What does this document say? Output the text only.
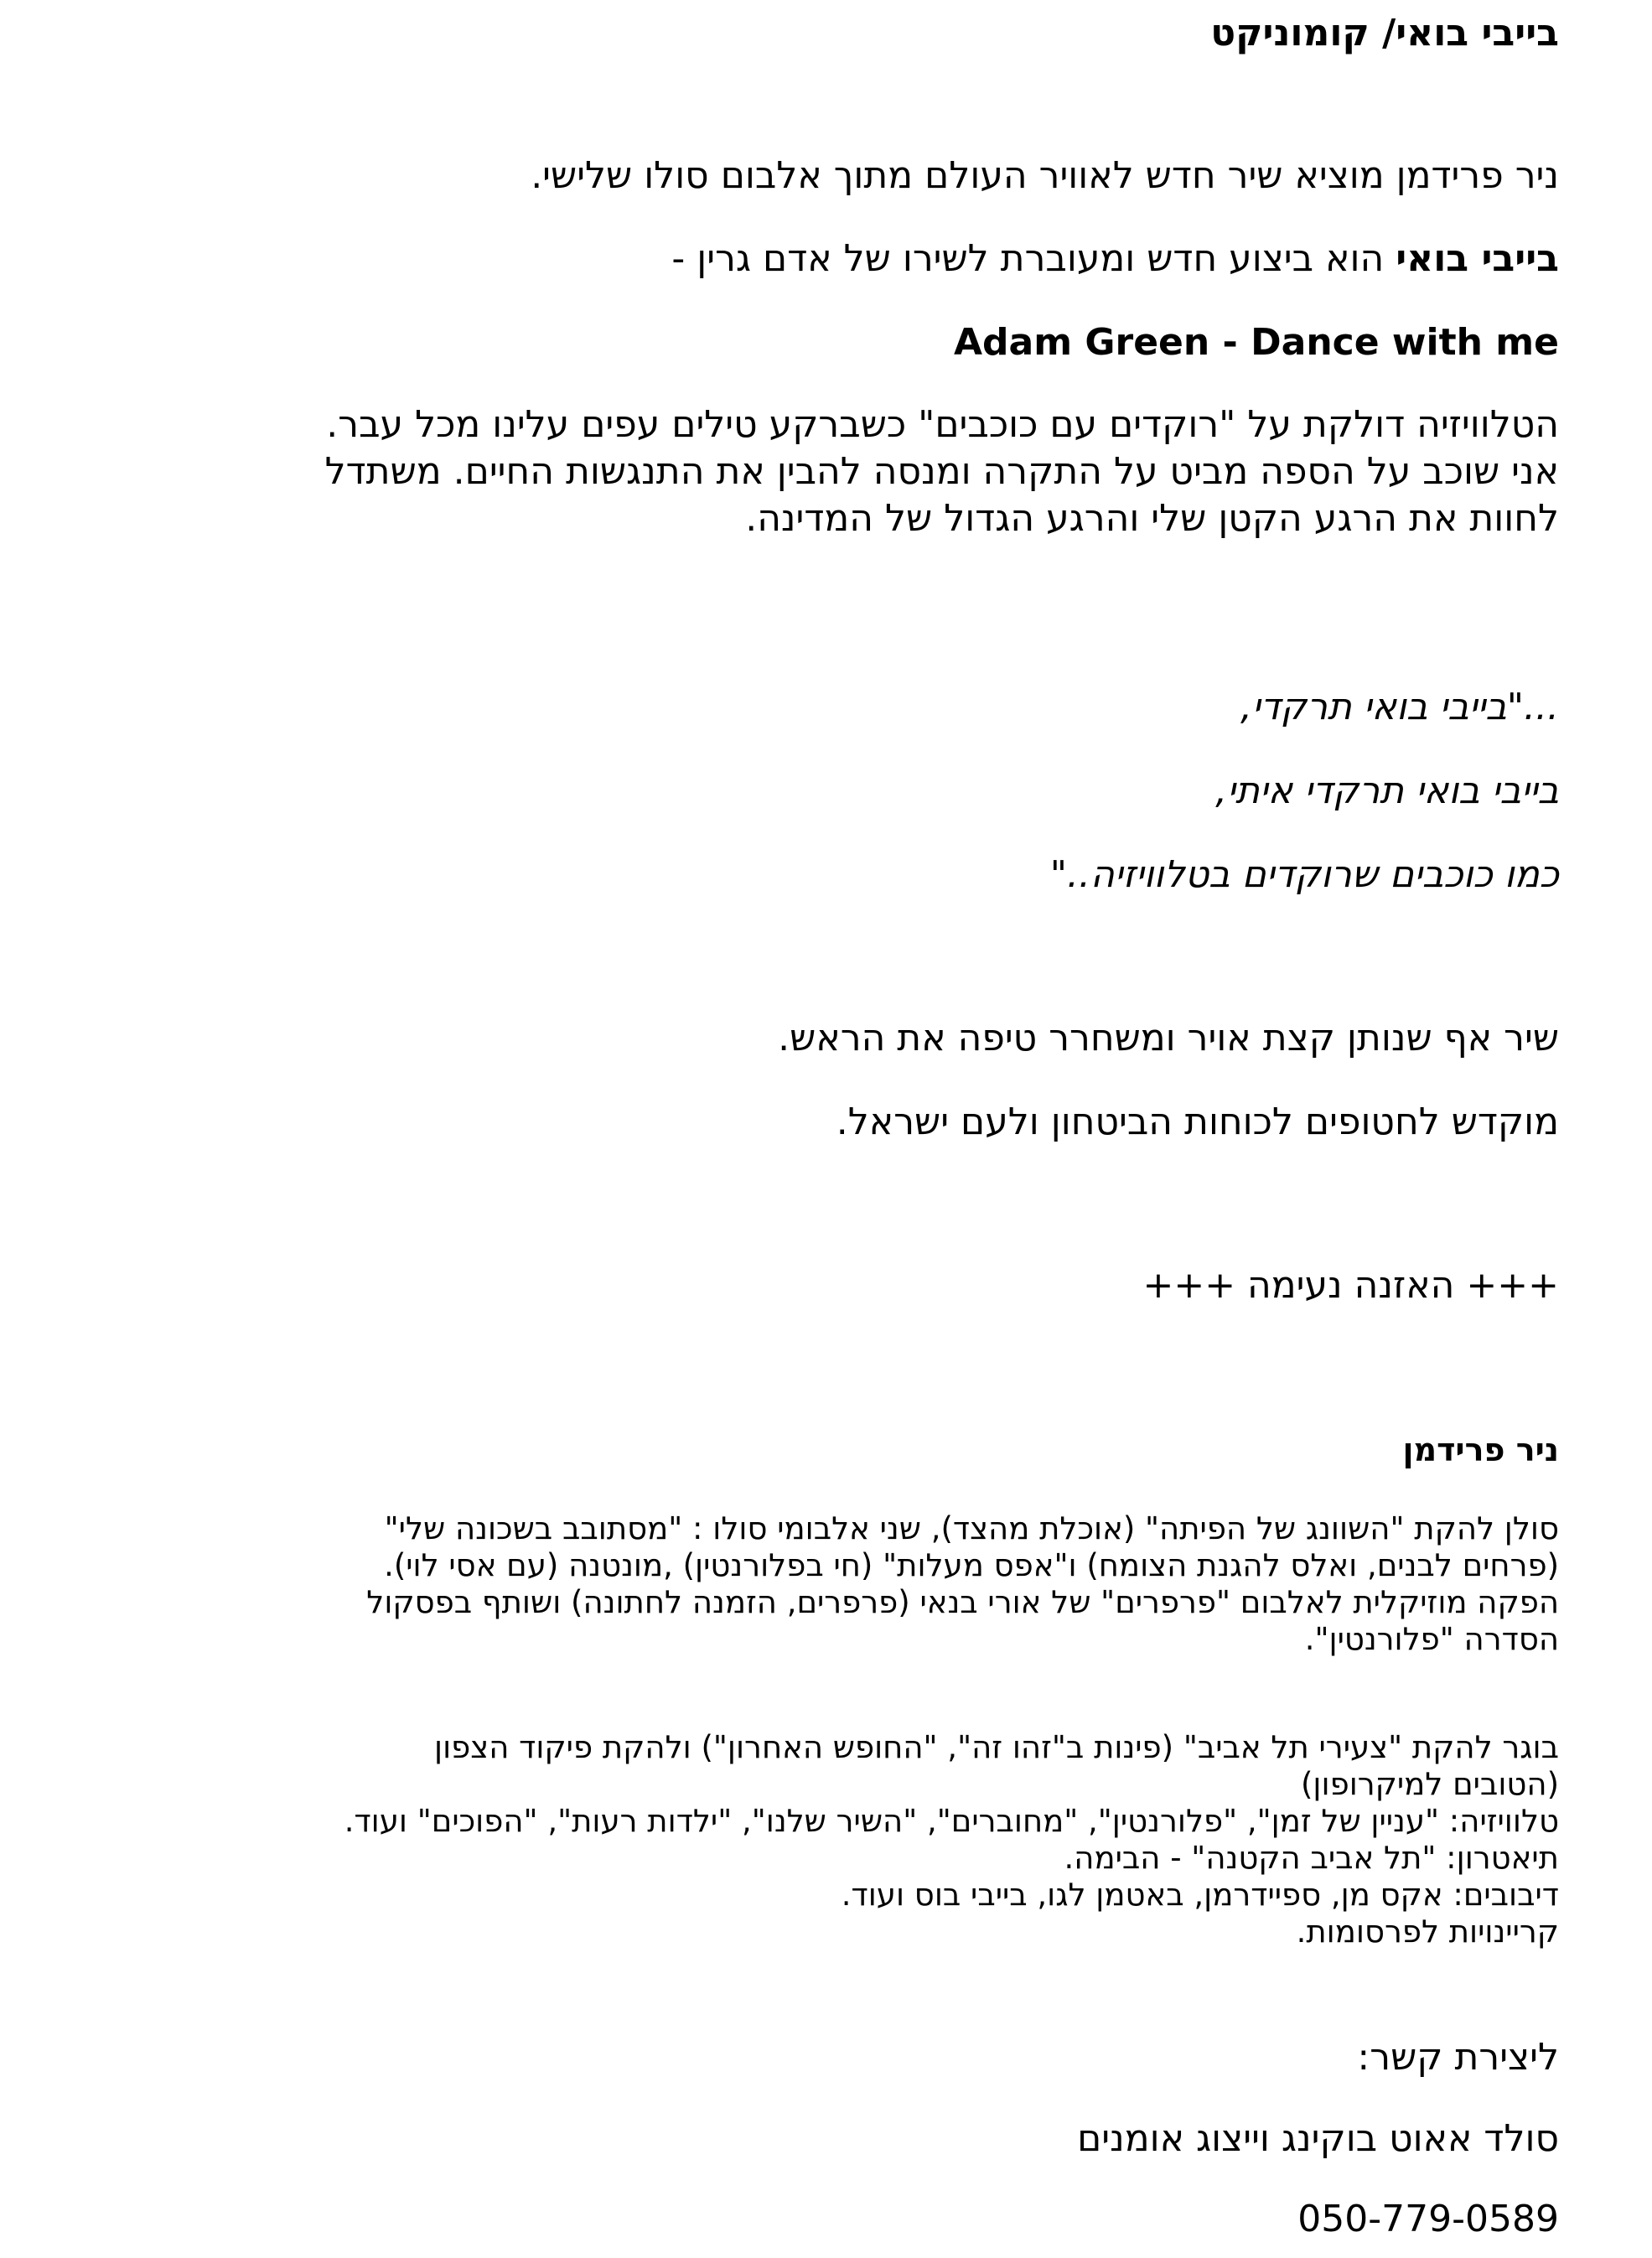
בייבי בואי/ קומוניקט

ניר פרידמן מוציא שיר חדש לאוויר העולם מתוך אלבום סולו שלישי.

בייבי בואי הוא ביצוע חדש ומעוברת לשירו של אדם גרין -

Adam Green - Dance with me

הטלוויזיה דולקת על "רוקדים עם כוכבים" כשברקע טילים עפים עלינו מכל עבר.
אני שוכב על הספה מביט על התקרה ומנסה להבין את התנגשות החיים. משתדל
לחוות את הרגע הקטן שלי והרגע הגדול של המדינה.

..."בייבי בואי תרקדי,

בייבי בואי תרקדי איתי,

כמו כוכבים שרוקדים בטלוויזיה.."

שיר אף שנותן קצת אויר ומשחרר טיפה את הראש.

מוקדש לחטופים לכוחות הביטחון ולעם ישראל.

+++ האזנה נעימה +++

ניר פרידמן

סולן להקת "השוונג של הפיתה" (אוכלת מהצד), שני אלבומי סולו : "מסתובב בשכונה שלי"
(פרחים לבנים, ואלס להגנת הצומח) ו"אפס מעלות" (חי בפלורנטין) ,מונטנה (עם אסי לוי).
הפקה מוזיקלית לאלבום "פרפרים" של אורי בנאי (פרפרים, הזמנה לחתונה) ושותף בפסקול
הסדרה "פלורנטין".
בוגר להקת "צעירי תל אביב" (פינות ב"זהו זה", "החופש האחרון") ולהקת פיקוד הצפון
(הטובים למיקרופון)
טלוויזיה: "עניין של זמן", "פלורנטין", "מחוברים", "השיר שלנו", "ילדות רעות", "הפוכים" ועוד.
תיאטרון: "תל אביב הקטנה" - הבימה.
דיבובים: אקס מן, ספיידרמן, באטמן לגו, בייבי בוס ועוד.
קריינויות לפרסומות.

ליצירת קשר:

סולד אאוט בוקינג וייצוג אומנים

050-779-0589
